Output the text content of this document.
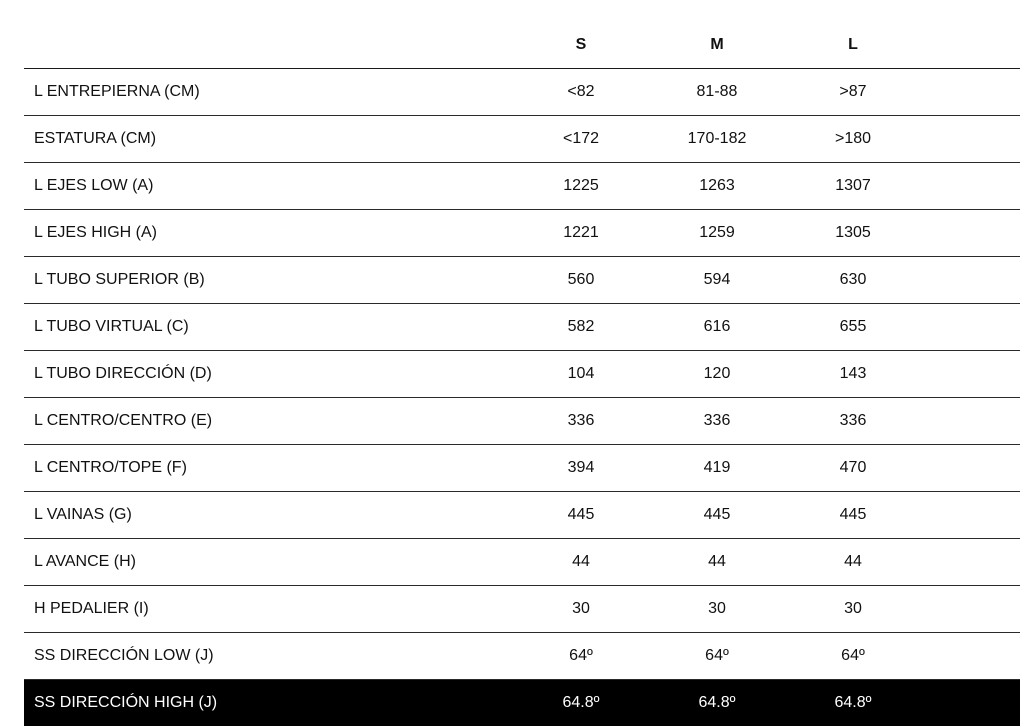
	S	M	L	
L ENTREPIERNA (CM)	<82	81-88	>87	
ESTATURA (CM)	<172	170-182	>180	
L EJES LOW (A)	1225	1263	1307	
L EJES HIGH (A)	1221	1259	1305	
L TUBO SUPERIOR (B)	560	594	630	
L TUBO VIRTUAL (C)	582	616	655	
L TUBO DIRECCIÓN (D)	104	120	143	
L CENTRO/CENTRO (E)	336	336	336	
L CENTRO/TOPE (F)	394	419	470	
L VAINAS (G)	445	445	445	
L AVANCE (H)	44	44	44	
H PEDALIER (I)	30	30	30	
SS DIRECCIÓN LOW (J)	64º	64º	64º	
SS DIRECCIÓN HIGH (J)	64.8º	64.8º	64.8º	
